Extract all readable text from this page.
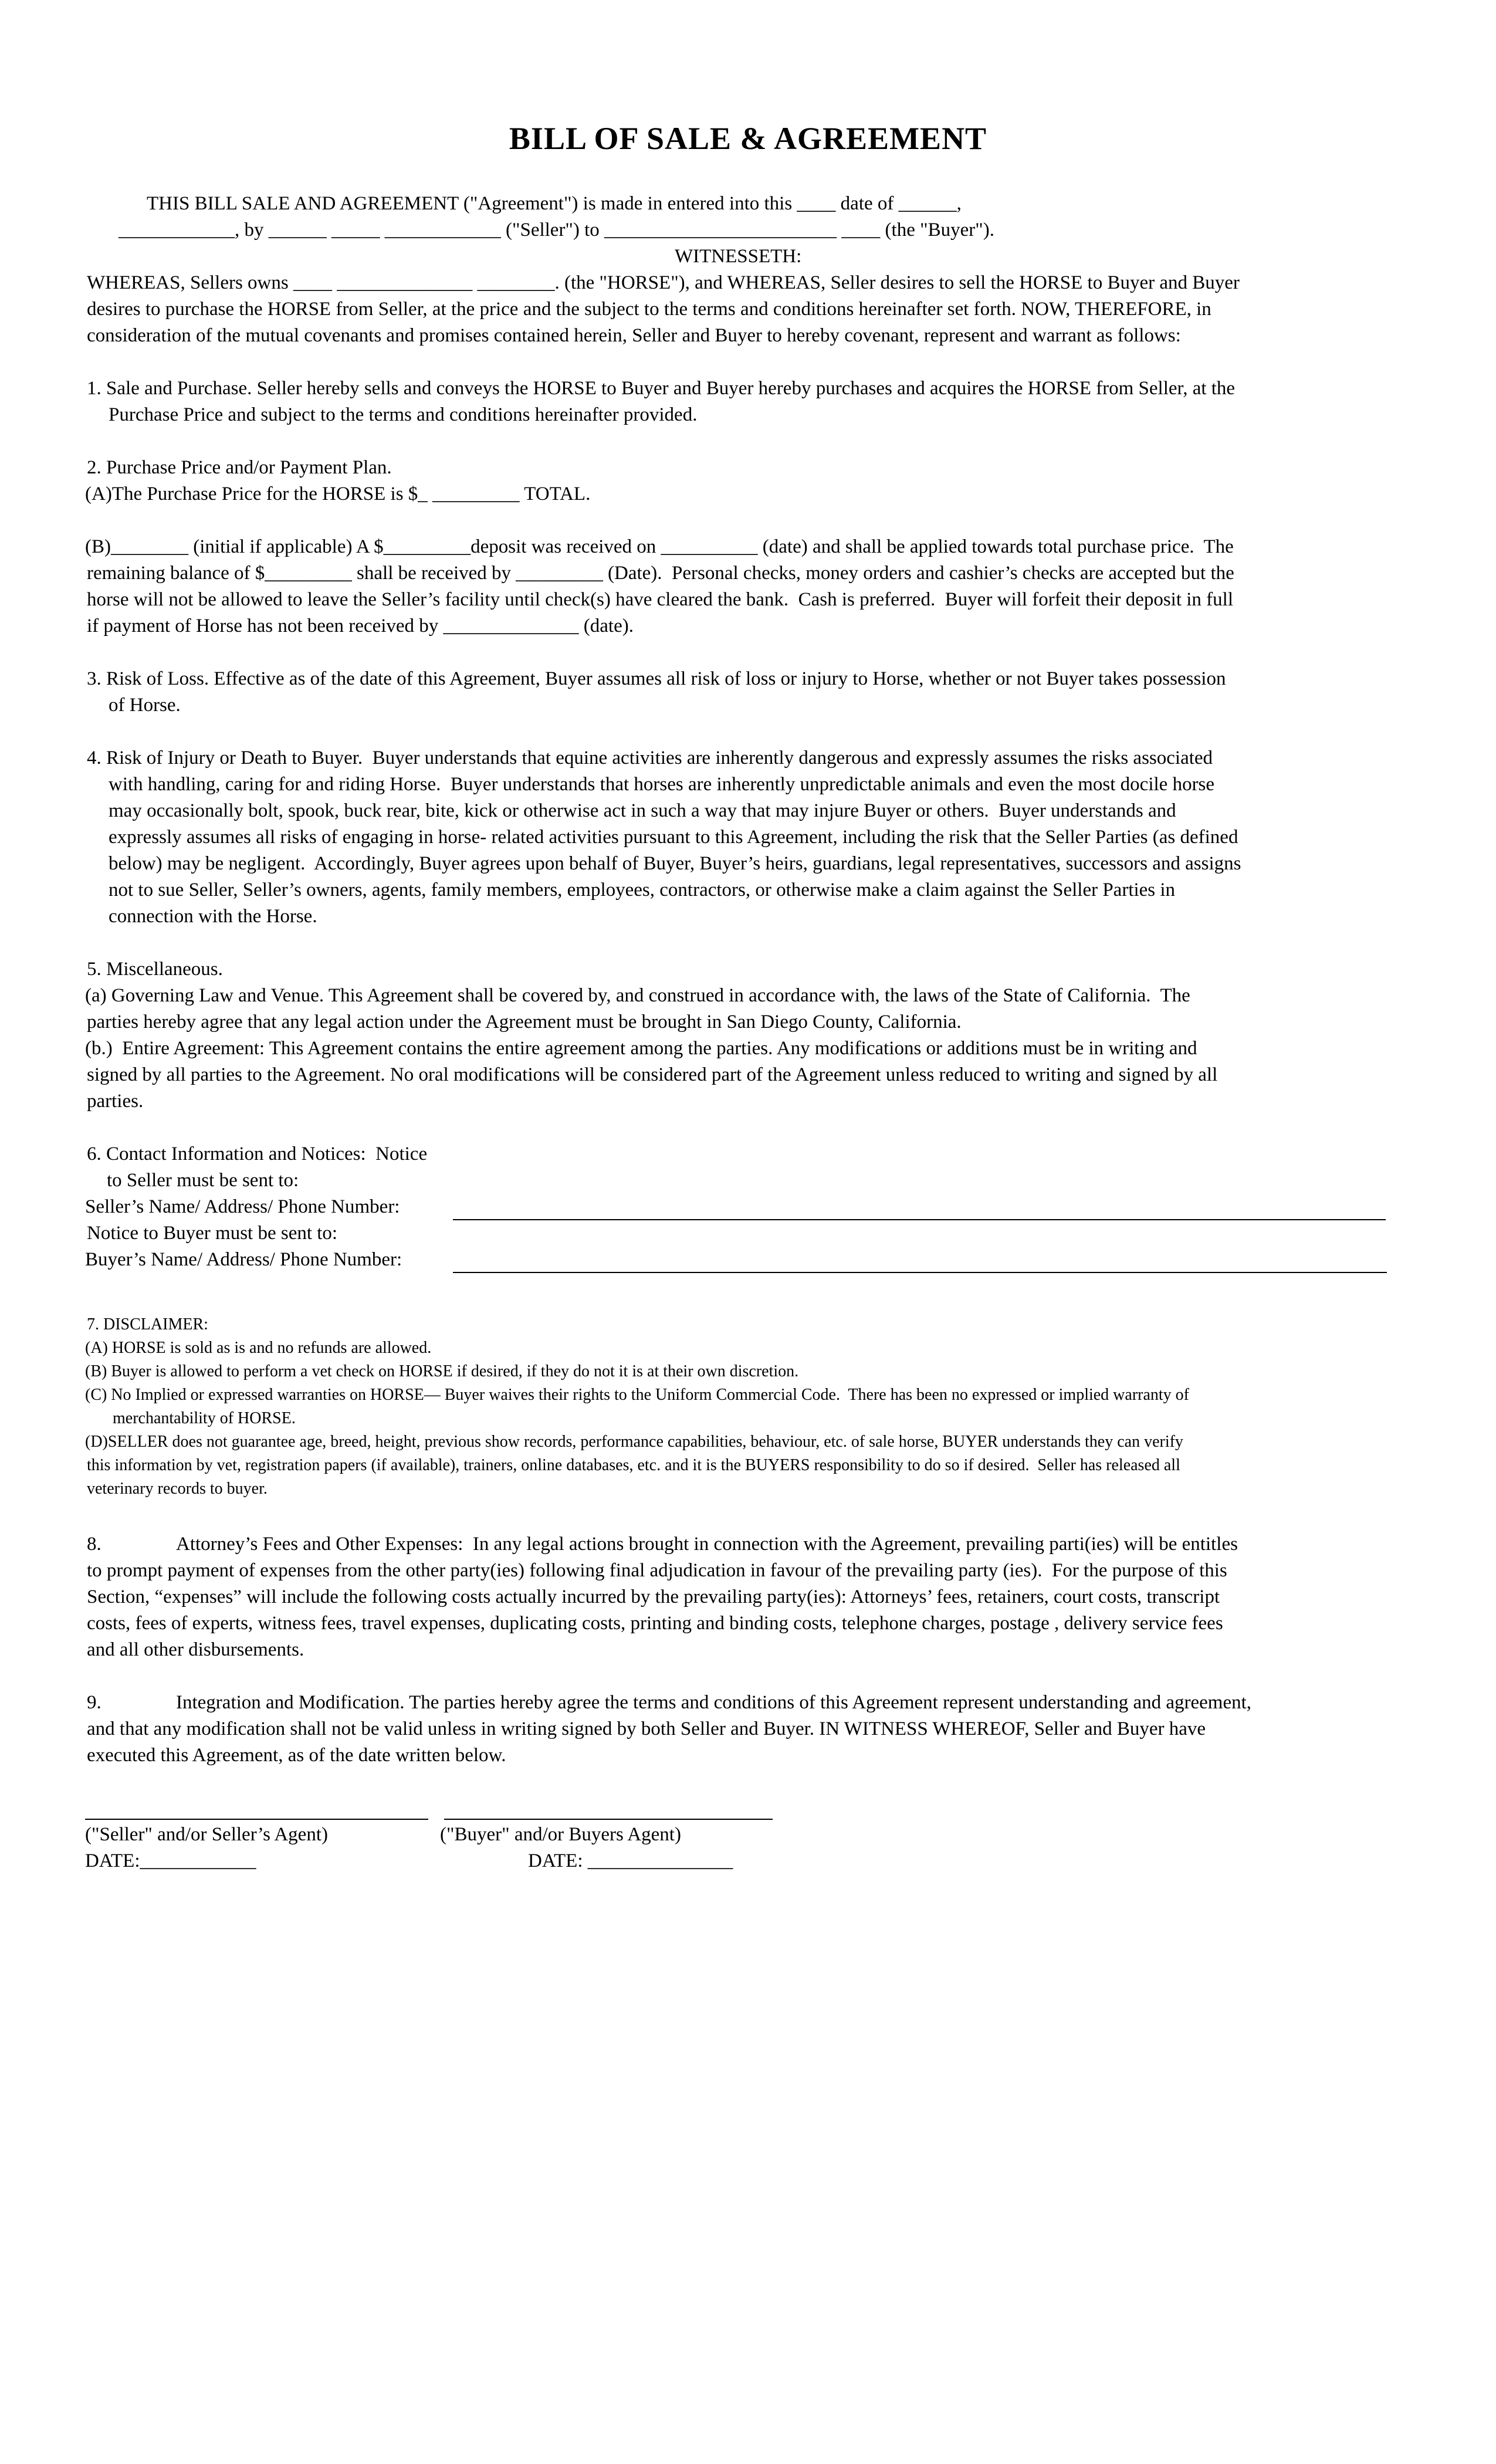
BILL OF SALE & AGREEMENT
THIS BILL SALE AND AGREEMENT ("Agreement") is made in entered into this ____ date of ______,
____________, by ______ _____ ____________ ("Seller") to ________________________ ____ (the "Buyer").
WITNESSETH:
WHEREAS, Sellers owns ____ ______________ ________. (the "HORSE"), and WHEREAS, Seller desires to sell the HORSE to Buyer and Buyer
desires to purchase the HORSE from Seller, at the price and the subject to the terms and conditions hereinafter set forth. NOW, THEREFORE, in
consideration of the mutual covenants and promises contained herein, Seller and Buyer to hereby covenant, represent and warrant as follows:
1. Sale and Purchase. Seller hereby sells and conveys the HORSE to Buyer and Buyer hereby purchases and acquires the HORSE from Seller, at the
Purchase Price and subject to the terms and conditions hereinafter provided.
2. Purchase Price and/or Payment Plan.
(A)The Purchase Price for the HORSE is $_ _________ TOTAL.
(B)________ (initial if applicable) A $_________deposit was received on __________ (date) and shall be applied towards total purchase price.  The
remaining balance of $_________ shall be received by _________ (Date).  Personal checks, money orders and cashier’s checks are accepted but the
horse will not be allowed to leave the Seller’s facility until check(s) have cleared the bank.  Cash is preferred.  Buyer will forfeit their deposit in full
if payment of Horse has not been received by ______________ (date).
3. Risk of Loss. Effective as of the date of this Agreement, Buyer assumes all risk of loss or injury to Horse, whether or not Buyer takes possession
of Horse.
4. Risk of Injury or Death to Buyer.  Buyer understands that equine activities are inherently dangerous and expressly assumes the risks associated
with handling, caring for and riding Horse.  Buyer understands that horses are inherently unpredictable animals and even the most docile horse
may occasionally bolt, spook, buck rear, bite, kick or otherwise act in such a way that may injure Buyer or others.  Buyer understands and
expressly assumes all risks of engaging in horse- related activities pursuant to this Agreement, including the risk that the Seller Parties (as defined
below) may be negligent.  Accordingly, Buyer agrees upon behalf of Buyer, Buyer’s heirs, guardians, legal representatives, successors and assigns
not to sue Seller, Seller’s owners, agents, family members, employees, contractors, or otherwise make a claim against the Seller Parties in
connection with the Horse.
5. Miscellaneous.
(a) Governing Law and Venue. This Agreement shall be covered by, and construed in accordance with, the laws of the State of California.  The
parties hereby agree that any legal action under the Agreement must be brought in San Diego County, California.
(b.)  Entire Agreement: This Agreement contains the entire agreement among the parties. Any modifications or additions must be in writing and
signed by all parties to the Agreement. No oral modifications will be considered part of the Agreement unless reduced to writing and signed by all
parties.
6. Contact Information and Notices:  Notice
to Seller must be sent to:
Seller’s Name/ Address/ Phone Number:
Notice to Buyer must be sent to:
Buyer’s Name/ Address/ Phone Number:
7. DISCLAIMER:
(A) HORSE is sold as is and no refunds are allowed.
(B) Buyer is allowed to perform a vet check on HORSE if desired, if they do not it is at their own discretion.
(C) No Implied or expressed warranties on HORSE— Buyer waives their rights to the Uniform Commercial Code.  There has been no expressed or implied warranty of
merchantability of HORSE.
(D)SELLER does not guarantee age, breed, height, previous show records, performance capabilities, behaviour, etc. of sale horse, BUYER understands they can verify
this information by vet, registration papers (if available), trainers, online databases, etc. and it is the BUYERS responsibility to do so if desired.  Seller has released all
veterinary records to buyer.
8.	Attorney’s Fees and Other Expenses:  In any legal actions brought in connection with the Agreement, prevailing parti(ies) will be entitles
to prompt payment of expenses from the other party(ies) following final adjudication in favour of the prevailing party (ies).  For the purpose of this
Section, “expenses” will include the following costs actually incurred by the prevailing party(ies): Attorneys’ fees, retainers, court costs, transcript
costs, fees of experts, witness fees, travel expenses, duplicating costs, printing and binding costs, telephone charges, postage , delivery service fees
and all other disbursements.
9.	Integration and Modification. The parties hereby agree the terms and conditions of this Agreement represent understanding and agreement,
and that any modification shall not be valid unless in writing signed by both Seller and Buyer. IN WITNESS WHEREOF, Seller and Buyer have
executed this Agreement, as of the date written below.
("Seller" and/or Seller’s Agent)	("Buyer" and/or Buyers Agent)
DATE:____________	DATE: _______________
